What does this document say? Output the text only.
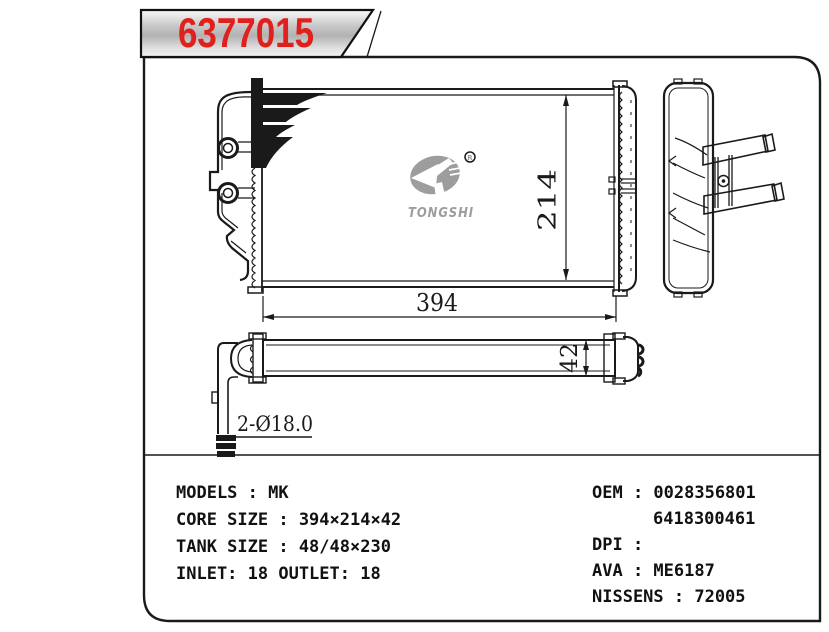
214
394
42
2-Ø18.0
R
TONGSHI
6377015
MODELS : MK
CORE SIZE : 394×214×42
TANK SIZE : 48/48×230
INLET: 18 OUTLET: 18
OEM : 0028356801
6418300461
DPI :
AVA : ME6187
NISSENS : 72005
